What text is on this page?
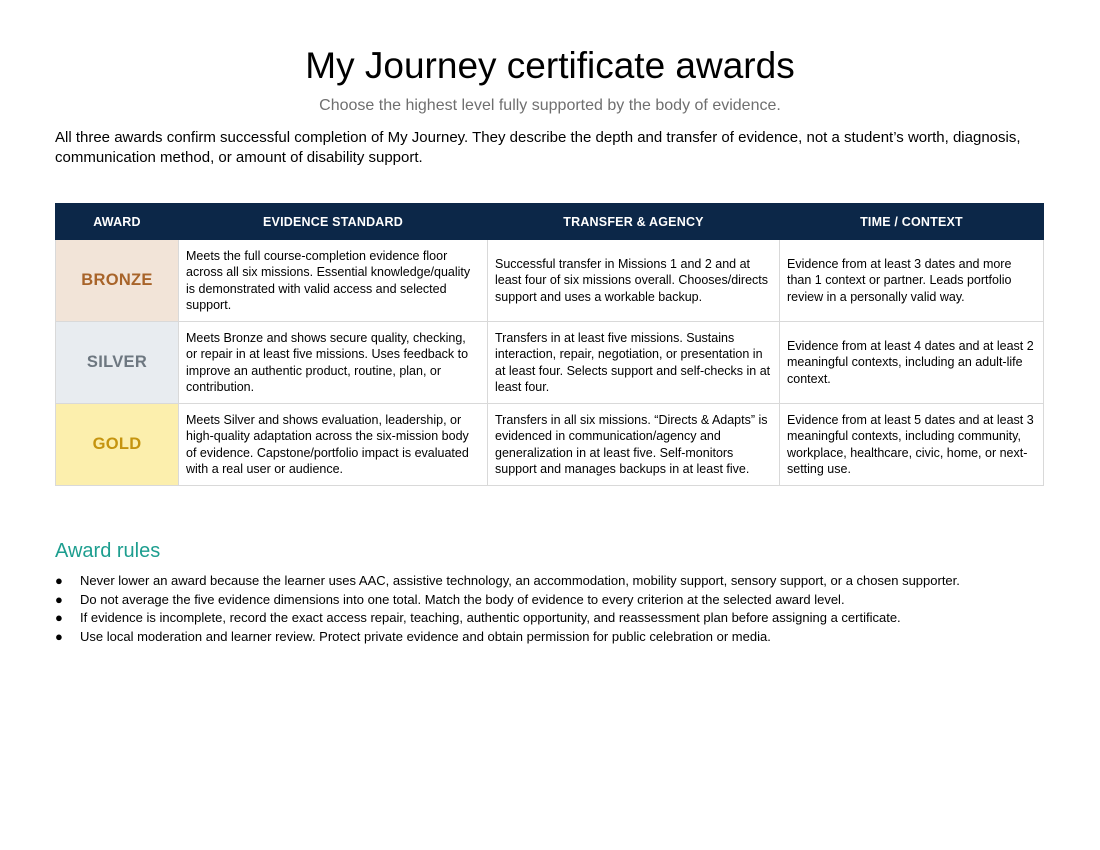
My Journey certificate awards
Choose the highest level fully supported by the body of evidence.

All three awards confirm successful completion of My Journey. They describe the depth and transfer of evidence, not a student’s worth, diagnosis, communication method, or amount of disability support.

AWARD	EVIDENCE STANDARD	TRANSFER & AGENCY	TIME / CONTEXT
BRONZE	Meets the full course-completion evidence floor across all six missions. Essential knowledge/quality is demonstrated with valid access and selected support.	Successful transfer in Missions 1 and 2 and at least four of six missions overall. Chooses/directs support and uses a workable backup.	Evidence from at least 3 dates and more than 1 context or partner. Leads portfolio review in a personally valid way.
SILVER	Meets Bronze and shows secure quality, checking, or repair in at least five missions. Uses feedback to improve an authentic product, routine, plan, or contribution.	Transfers in at least five missions. Sustains interaction, repair, negotiation, or presentation in at least four. Selects support and self-checks in at least four.	Evidence from at least 4 dates and at least 2 meaningful contexts, including an adult-life context.
GOLD	Meets Silver and shows evaluation, leadership, or high-quality adaptation across the six-mission body of evidence. Capstone/portfolio impact is evaluated with a real user or audience.	Transfers in all six missions. “Directs & Adapts” is evidenced in communication/agency and generalization in at least five. Self-monitors support and manages backups in at least five.	Evidence from at least 5 dates and at least 3 meaningful contexts, including community, workplace, healthcare, civic, home, or next-setting use.
Award rules
● Never lower an award because the learner uses AAC, assistive technology, an accommodation, mobility support, sensory support, or a chosen supporter.
● Do not average the five evidence dimensions into one total. Match the body of evidence to every criterion at the selected award level.
● If evidence is incomplete, record the exact access repair, teaching, authentic opportunity, and reassessment plan before assigning a certificate.
● Use local moderation and learner review. Protect private evidence and obtain permission for public celebration or media.
